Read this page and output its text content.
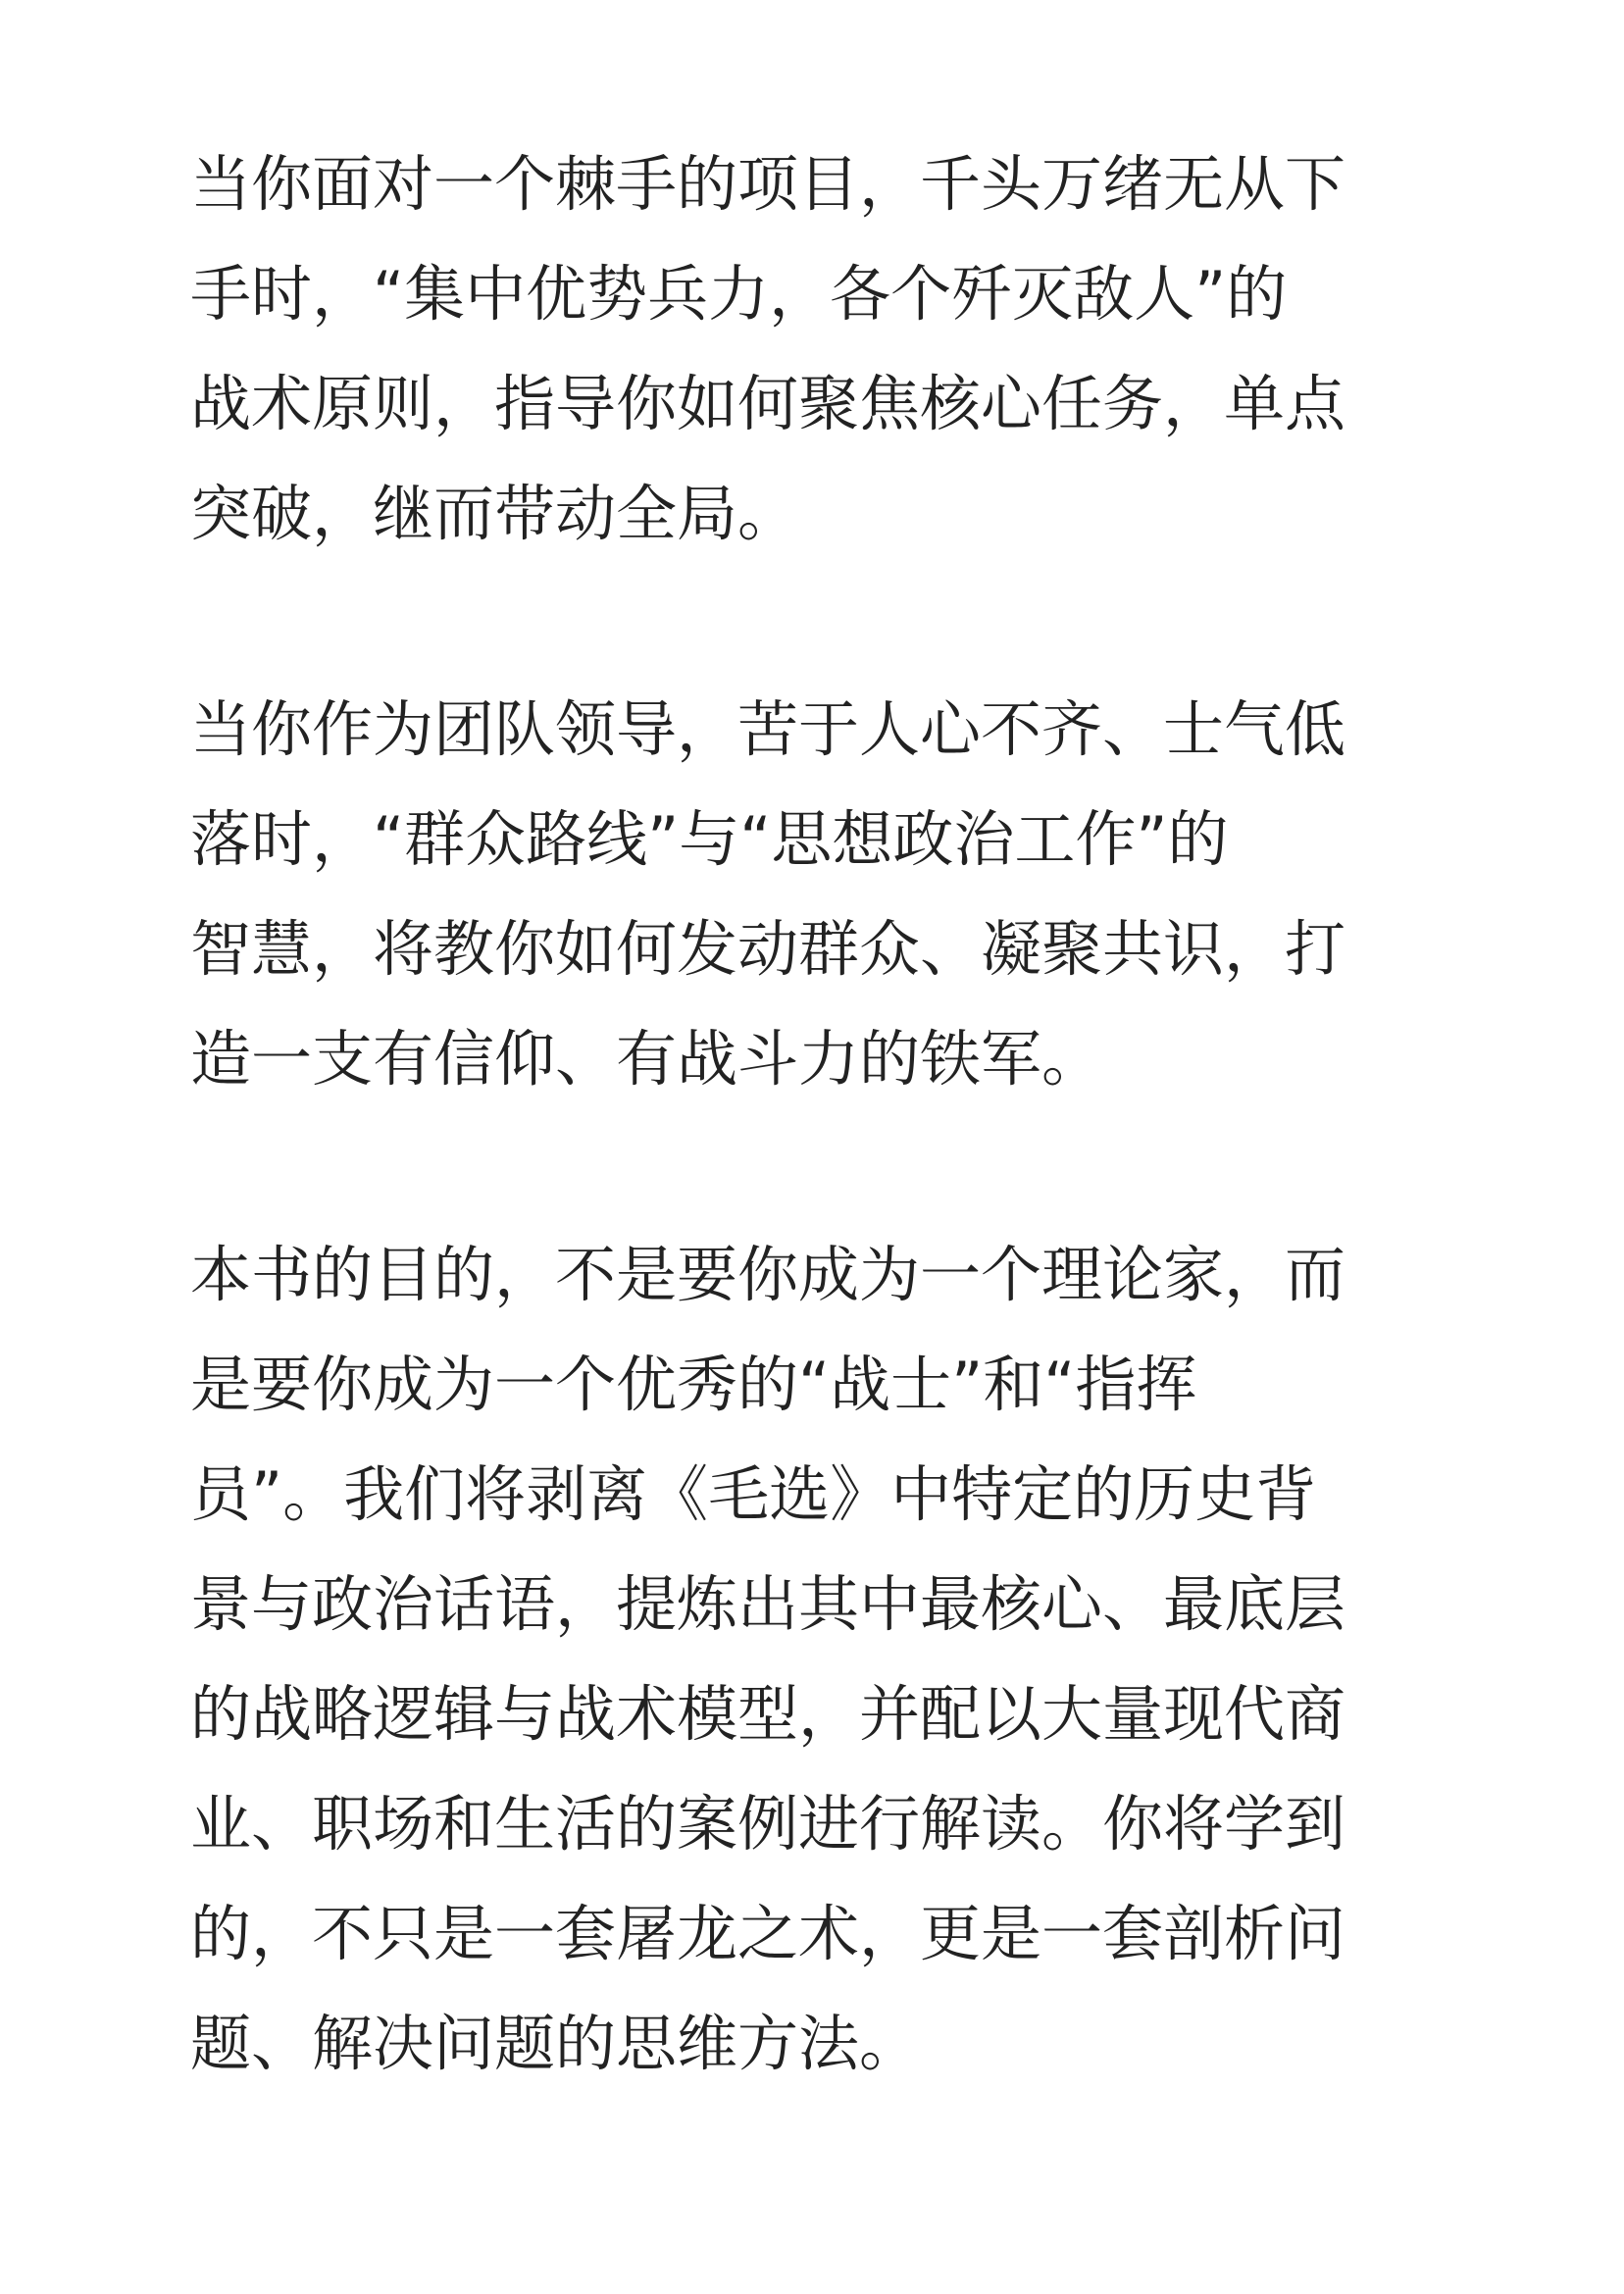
当你面对一个棘手的项目，千头万绪无从下
手时，“集中优势兵力，各个歼灭敌人”的
战术原则，指导你如何聚焦核心任务，单点
突破，继而带动全局。
当你作为团队领导，苦于人心不齐、士气低
落时，“群众路线”与“思想政治工作”的
智慧，将教你如何发动群众、凝聚共识，打
造一支有信仰、有战斗力的铁军。
本书的目的，不是要你成为一个理论家，而
是要你成为一个优秀的“战士”和“指挥
员”。我们将剥离《毛选》中特定的历史背
景与政治话语，提炼出其中最核心、最底层
的战略逻辑与战术模型，并配以大量现代商
业、职场和生活的案例进行解读。你将学到
的，不只是一套屠龙之术，更是一套剖析问
题、解决问题的思维方法。
